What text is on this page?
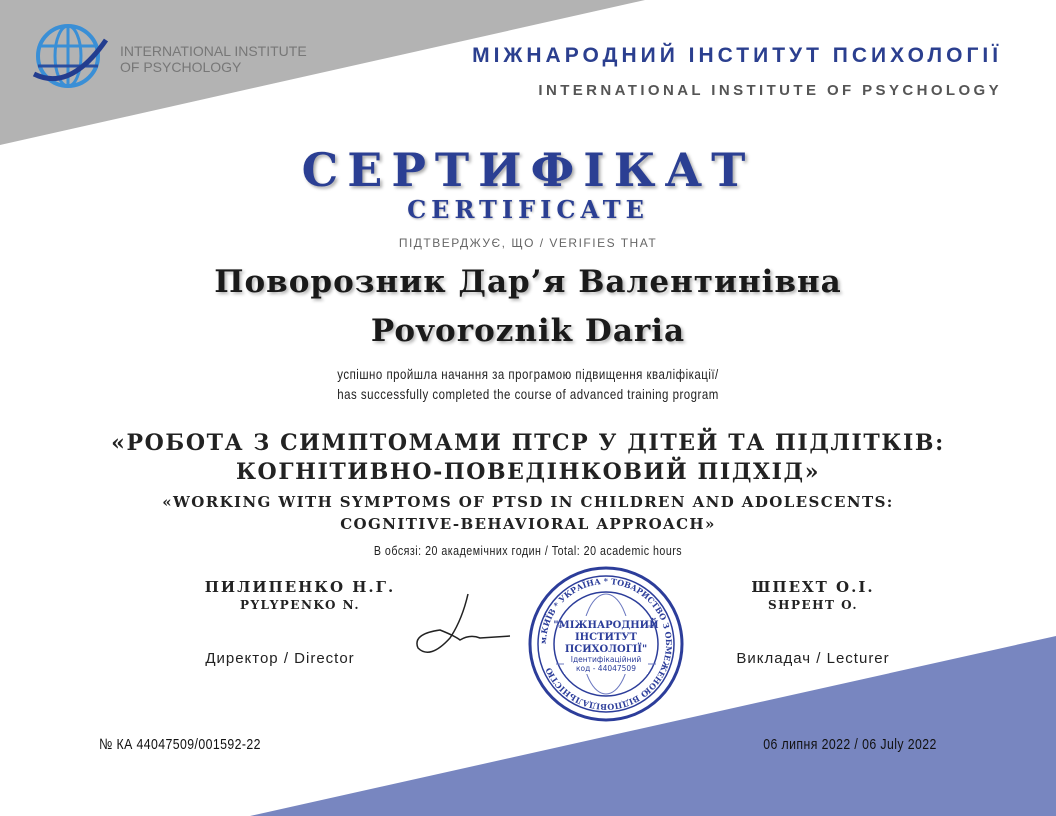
INTERNATIONAL INSTITUTE
OF PSYCHOLOGY	МІЖНАРОДНИЙ ІНСТИТУТ ПСИХОЛОГІЇ
INTERNATIONAL INSTITUTE OF PSYCHOLOGY
СЕРТИФІКАТ
CERTIFICATE
ПІДТВЕРДЖУЄ, ЩО / VERIFIES THAT
Поворозник Дар’я Валентинівна
Povoroznik Daria
успішно пройшла начання за програмою підвищення кваліфікації/
has successfully completed the course of advanced training program
«РОБОТА З СИМПТОМАМИ ПТСР У ДІТЕЙ ТА ПІДЛІТКІВ:
КОГНІТИВНО-ПОВЕДІНКОВИЙ ПІДХІД»
«WORKING WITH SYMPTOMS OF PTSD IN CHILDREN AND ADOLESCENTS:
COGNITIVE-BEHAVIORAL APPROACH»
В обсязі: 20 академічних годин / Total: 20 academic hours
ПИЛИПЕНКО Н.Г.
PYLYPENKO N.
Директор / Director
"МІЖНАРОДНИЙ
ІНСТИТУТ
ПСИХОЛОГІЇ"
Ідентифікаційний
код - 44047509
м.КИЇВ * УКРАЇНА * ТОВАРИСТВО З ОБМЕЖЕНОЮ ВІДПОВІДАЛЬНІСТЮ
ШПЕХТ О.І.
SHPEHT O.
Викладач / Lecturer
№ КА 44047509/001592-22	06 липня 2022 / 06 July 2022
